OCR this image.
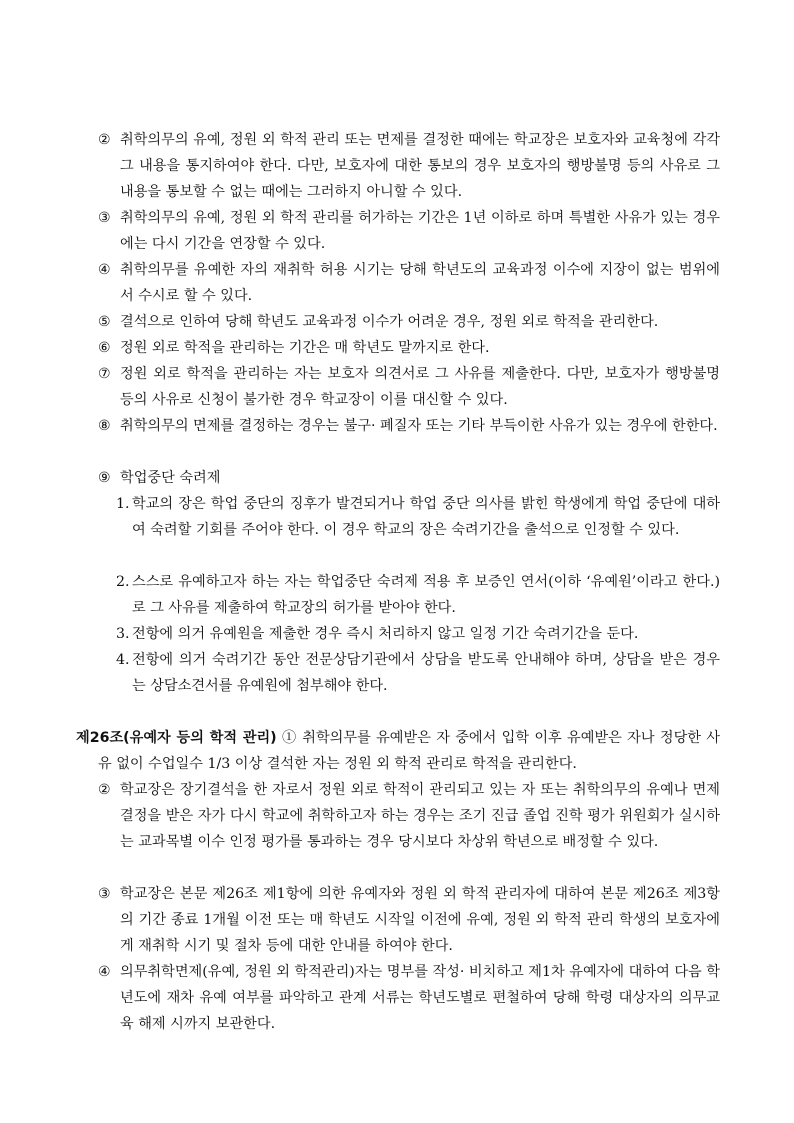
② 취학의무의 유예, 정원 외 학적 관리 또는 면제를 결정한 때에는 학교장은 보호자와 교육청에 각각 그 내용을 통지하여야 한다. 다만, 보호자에 대한 통보의 경우 보호자의 행방불명 등의 사유로 그 내용을 통보할 수 없는 때에는 그러하지 아니할 수 있다.
③ 취학의무의 유예, 정원 외 학적 관리를 허가하는 기간은 1년 이하로 하며 특별한 사유가 있는 경우에는 다시 기간을 연장할 수 있다.
④ 취학의무를 유예한 자의 재취학 허용 시기는 당해 학년도의 교육과정 이수에 지장이 없는 범위에서 수시로 할 수 있다.
⑤ 결석으로 인하여 당해 학년도 교육과정 이수가 어려운 경우, 정원 외로 학적을 관리한다.
⑥ 정원 외로 학적을 관리하는 기간은 매 학년도 말까지로 한다.
⑦ 정원 외로 학적을 관리하는 자는 보호자 의견서로 그 사유를 제출한다. 다만, 보호자가 행방불명 등의 사유로 신청이 불가한 경우 학교장이 이를 대신할 수 있다.
⑧ 취학의무의 면제를 결정하는 경우는 불구· 폐질자 또는 기타 부득이한 사유가 있는 경우에 한한다.
⑨ 학업중단 숙려제
1. 학교의 장은 학업 중단의 징후가 발견되거나 학업 중단 의사를 밝힌 학생에게 학업 중단에 대하여 숙려할 기회를 주어야 한다. 이 경우 학교의 장은 숙려기간을 출석으로 인정할 수 있다.
2. 스스로 유예하고자 하는 자는 학업중단 숙려제 적용 후 보증인 연서(이하 ‘유예원’이라고 한다.)로 그 사유를 제출하여 학교장의 허가를 받아야 한다.
3. 전항에 의거 유예원을 제출한 경우 즉시 처리하지 않고 일정 기간 숙려기간을 둔다.
4. 전항에 의거 숙려기간 동안 전문상담기관에서 상담을 받도록 안내해야 하며, 상담을 받은 경우는 상담소견서를 유예원에 첨부해야 한다.
제26조(유예자 등의 학적 관리) ① 취학의무를 유예받은 자 중에서 입학 이후 유예받은 자나 정당한 사유 없이 수업일수 1/3 이상 결석한 자는 정원 외 학적 관리로 학적을 관리한다.
② 학교장은 장기결석을 한 자로서 정원 외로 학적이 관리되고 있는 자 또는 취학의무의 유예나 면제 결정을 받은 자가 다시 학교에 취학하고자 하는 경우는 조기 진급 졸업 진학 평가 위원회가 실시하는 교과목별 이수 인정 평가를 통과하는 경우 당시보다 차상위 학년으로 배정할 수 있다.
③ 학교장은 본문 제26조 제1항에 의한 유예자와 정원 외 학적 관리자에 대하여 본문 제26조 제3항의 기간 종료 1개월 이전 또는 매 학년도 시작일 이전에 유예, 정원 외 학적 관리 학생의 보호자에게 재취학 시기 및 절차 등에 대한 안내를 하여야 한다.
④ 의무취학면제(유예, 정원 외 학적관리)자는 명부를 작성· 비치하고 제1차 유예자에 대하여 다음 학년도에 재차 유예 여부를 파악하고 관계 서류는 학년도별로 편철하여 당해 학령 대상자의 의무교육 해제 시까지 보관한다.
